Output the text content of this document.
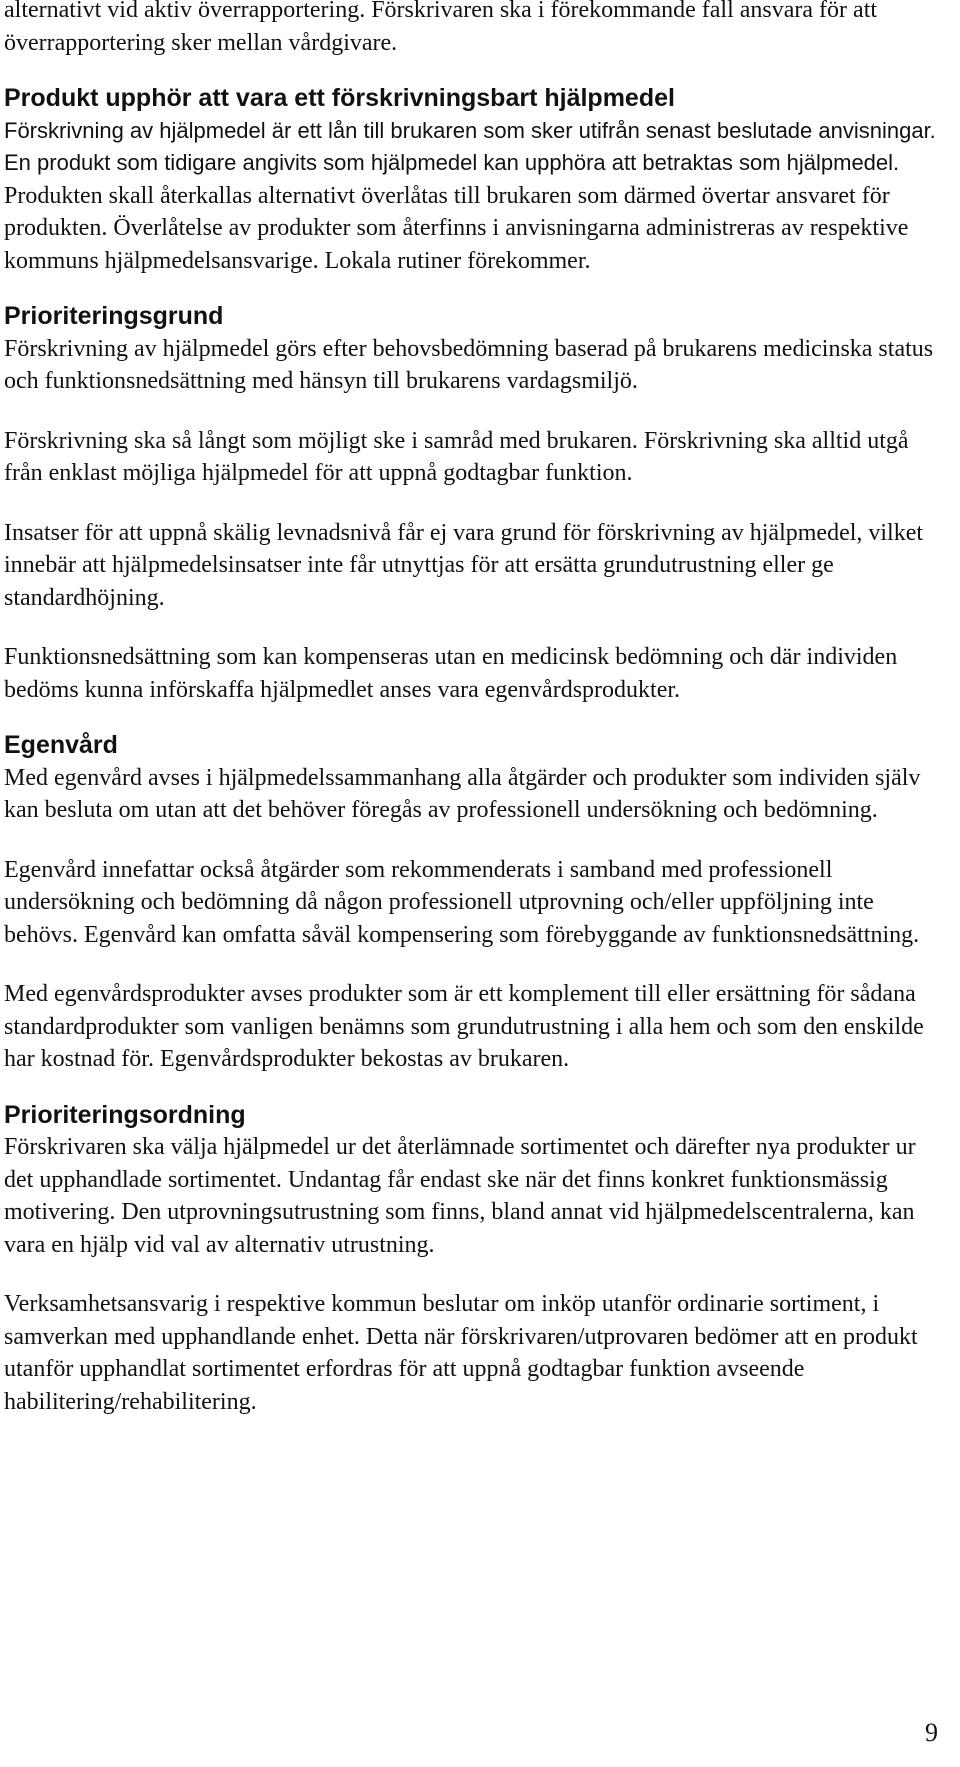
alternativt vid aktiv överrapportering. Förskrivaren ska i förekommande fall ansvara för att överrapportering sker mellan vårdgivare.

Produkt upphör att vara ett förskrivningsbart hjälpmedel

Förskrivning av hjälpmedel är ett lån till brukaren som sker utifrån senast beslutade anvisningar. En produkt som tidigare angivits som hjälpmedel kan upphöra att betraktas som hjälpmedel. Produkten skall återkallas alternativt överlåtas till brukaren som därmed övertar ansvaret för produkten. Överlåtelse av produkter som återfinns i anvisningarna administreras av respektive kommuns hjälpmedelsansvarige. Lokala rutiner förekommer.

Prioriteringsgrund

Förskrivning av hjälpmedel görs efter behovsbedömning baserad på brukarens medicinska status och funktionsnedsättning med hänsyn till brukarens vardagsmiljö.

Förskrivning ska så långt som möjligt ske i samråd med brukaren. Förskrivning ska alltid utgå från enklast möjliga hjälpmedel för att uppnå godtagbar funktion.

Insatser för att uppnå skälig levnadsnivå får ej vara grund för förskrivning av hjälpmedel, vilket innebär att hjälpmedelsinsatser inte får utnyttjas för att ersätta grundutrustning eller ge standardhöjning.

Funktionsnedsättning som kan kompenseras utan en medicinsk bedömning och där individen bedöms kunna införskaffa hjälpmedlet anses vara egenvårdsprodukter.

Egenvård

Med egenvård avses i hjälpmedelssammanhang alla åtgärder och produkter som individen själv kan besluta om utan att det behöver föregås av professionell undersökning och bedömning.

Egenvård innefattar också åtgärder som rekommenderats i samband med professionell undersökning och bedömning då någon professionell utprovning och/eller uppföljning inte behövs. Egenvård kan omfatta såväl kompensering som förebyggande av funktionsnedsättning.

Med egenvårdsprodukter avses produkter som är ett komplement till eller ersättning för sådana standardprodukter som vanligen benämns som grundutrustning i alla hem och som den enskilde har kostnad för. Egenvårdsprodukter bekostas av brukaren.

Prioriteringsordning

Förskrivaren ska välja hjälpmedel ur det återlämnade sortimentet och därefter nya produkter ur det upphandlade sortimentet. Undantag får endast ske när det finns konkret funktionsmässig motivering. Den utprovningsutrustning som finns, bland annat vid hjälpmedelscentralerna, kan vara en hjälp vid val av alternativ utrustning.

Verksamhetsansvarig i respektive kommun beslutar om inköp utanför ordinarie sortiment, i samverkan med upphandlande enhet. Detta när förskrivaren/utprovaren bedömer att en produkt utanför upphandlat sortimentet erfordras för att uppnå godtagbar funktion avseende habilitering/rehabilitering.

9
